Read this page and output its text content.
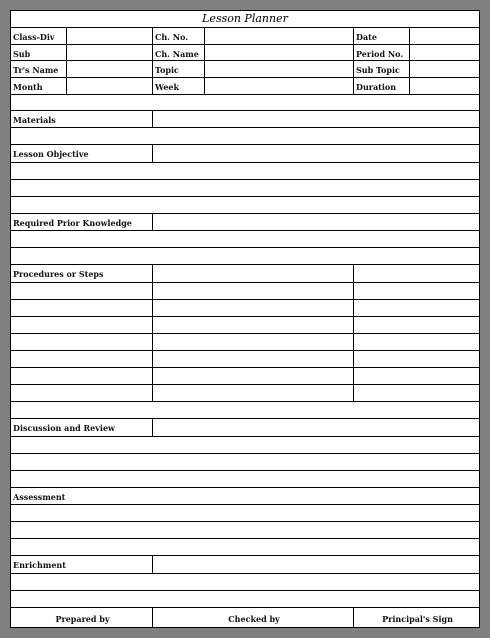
Lesson Planner
Class-Div	Ch. No.	Date
Sub	Ch. Name	Period No.
Tr's Name	Topic	Sub Topic
Month	Week	Duration
Materials
Lesson Objective
Required Prior Knowledge
Procedures or Steps
Discussion and Review
Assessment
Enrichment
Prepared by	Checked by	Principal's Sign
